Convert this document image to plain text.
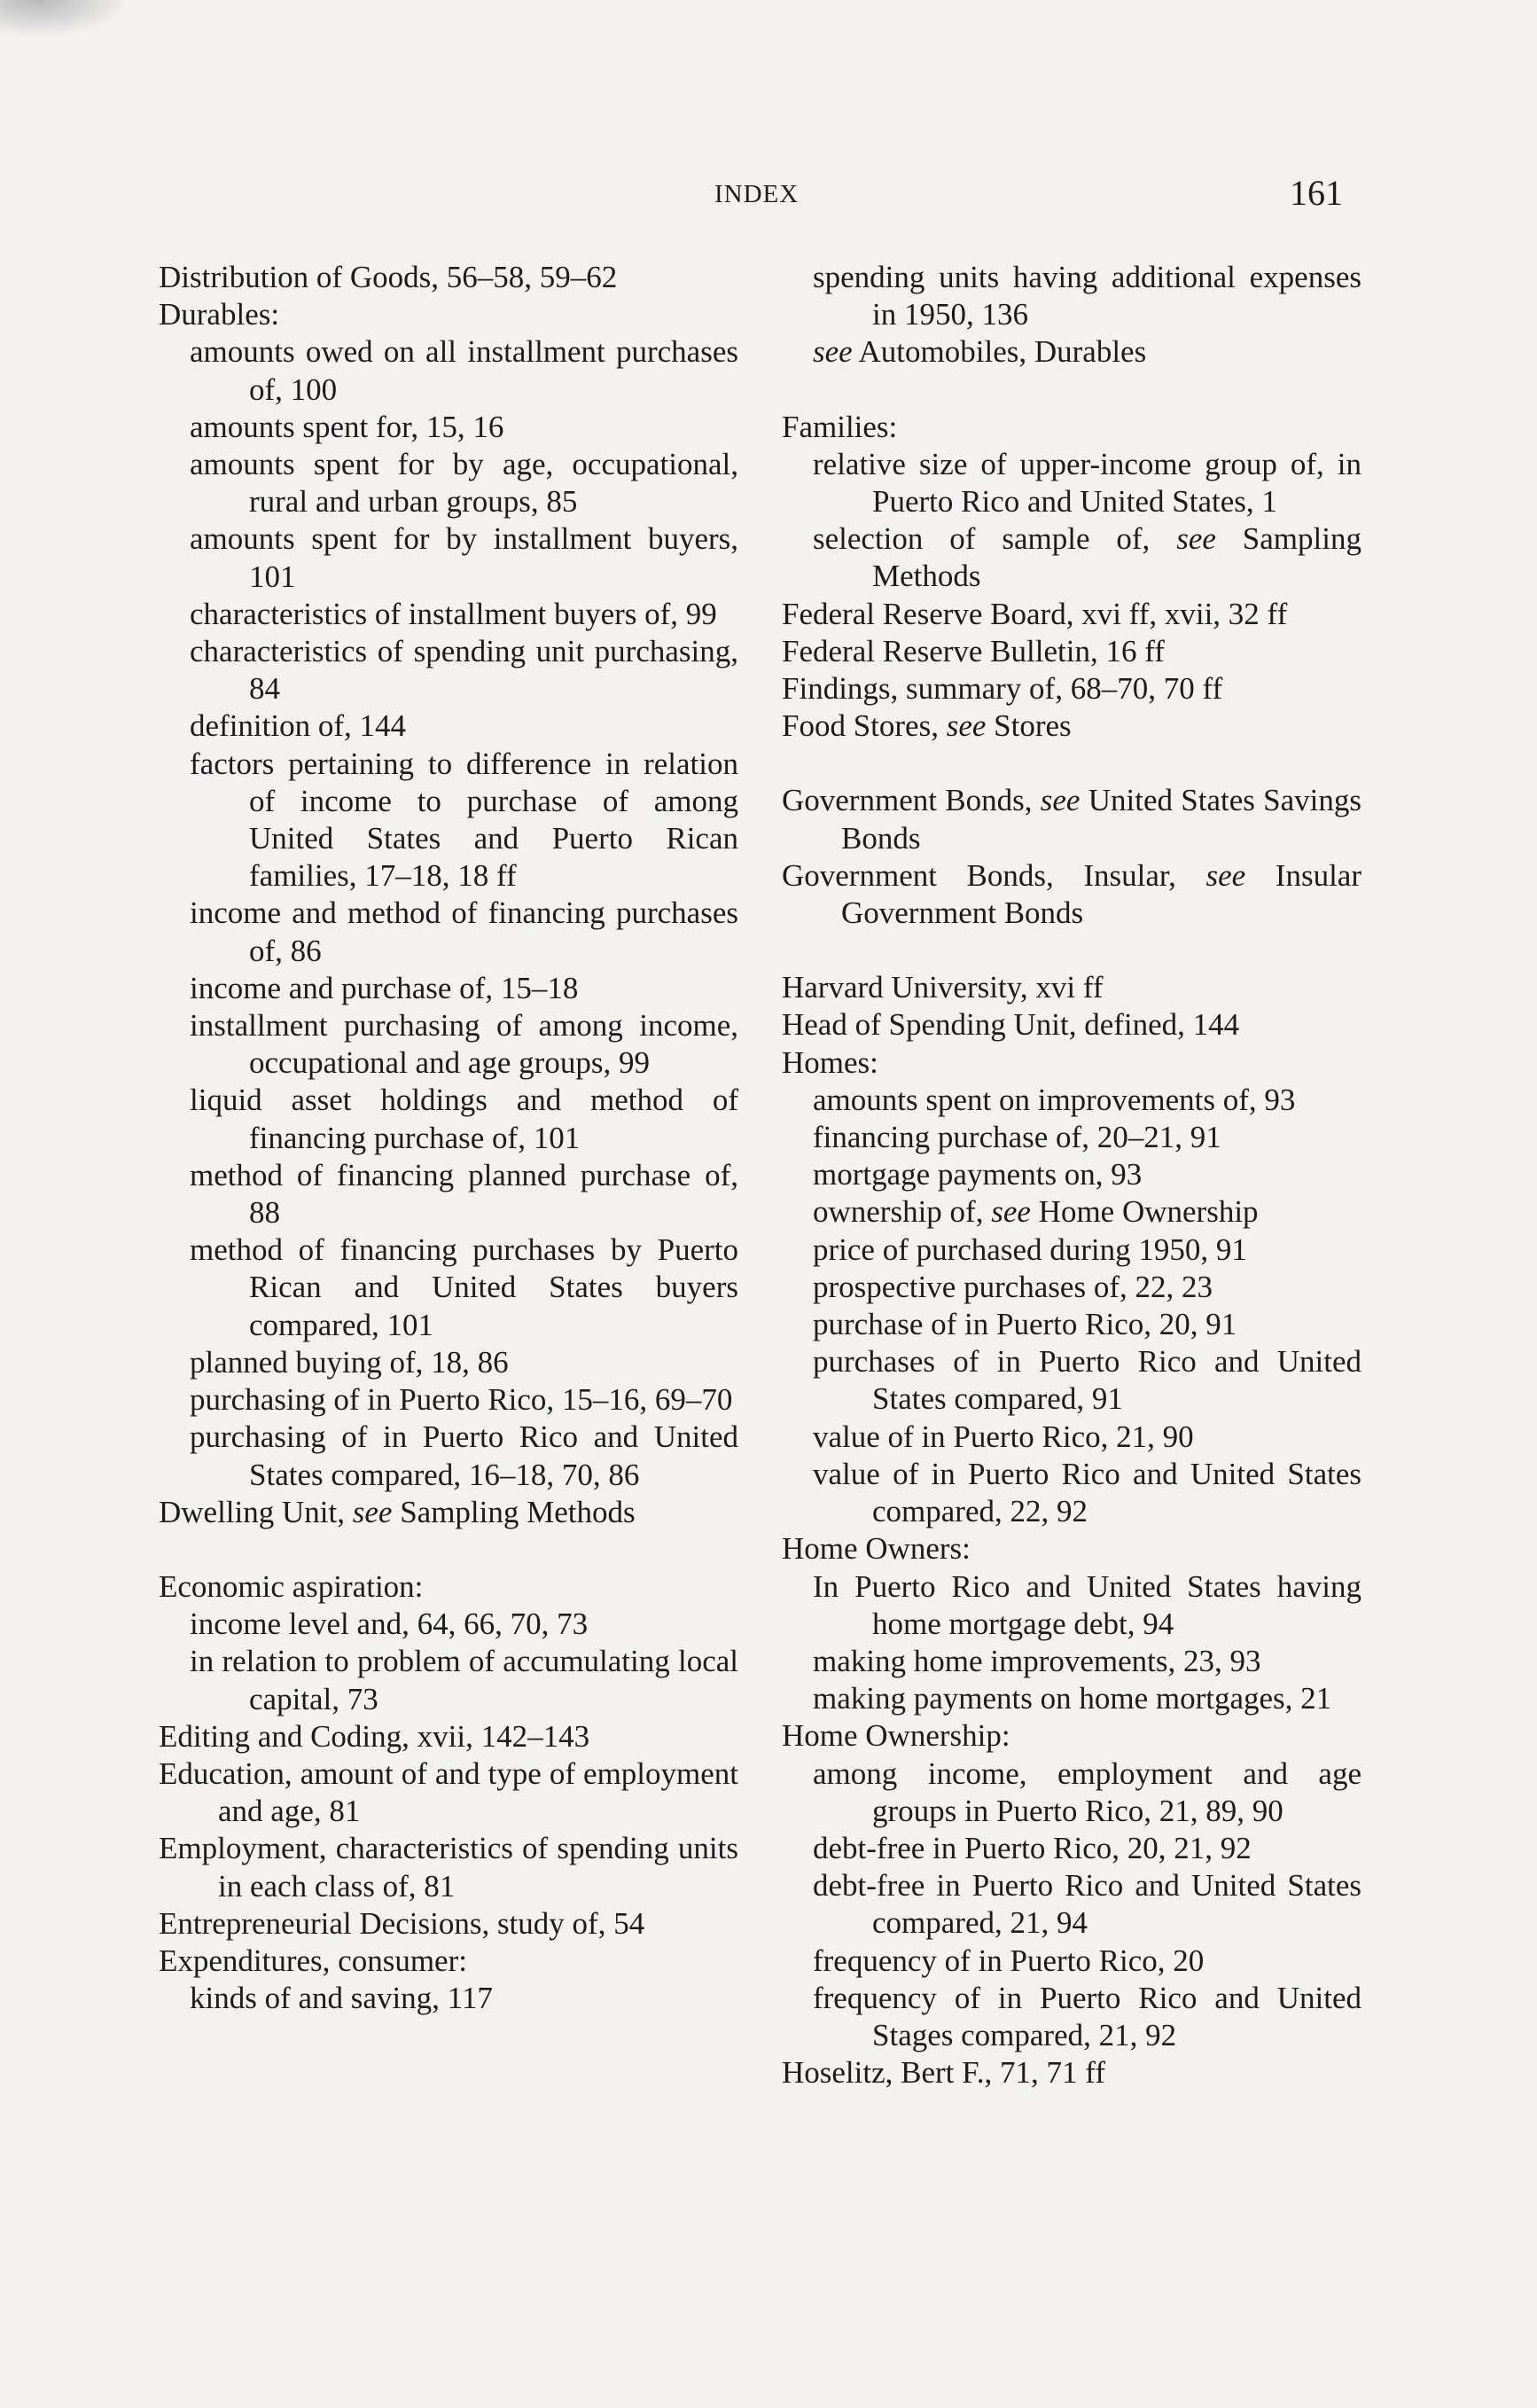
INDEX	161
Distribution of Goods, 56–58, 59–62
Durables:
amounts owed on all installment purchases of, 100
amounts spent for, 15, 16
amounts spent for by age, occupational, rural and urban groups, 85
amounts spent for by installment buyers, 101
characteristics of installment buyers of, 99
characteristics of spending unit purchasing, 84
definition of, 144
factors pertaining to difference in relation of income to purchase of among United States and Puerto Rican families, 17–18, 18 ff
income and method of financing purchases of, 86
income and purchase of, 15–18
installment purchasing of among income, occupational and age groups, 99
liquid asset holdings and method of financing purchase of, 101
method of financing planned purchase of, 88
method of financing purchases by Puerto Rican and United States buyers compared, 101
planned buying of, 18, 86
purchasing of in Puerto Rico, 15–16, 69–70
purchasing of in Puerto Rico and United States compared, 16–18, 70, 86
Dwelling Unit, see Sampling Methods
Economic aspiration:
income level and, 64, 66, 70, 73
in relation to problem of accumulating local capital, 73
Editing and Coding, xvii, 142–143
Education, amount of and type of employment and age, 81
Employment, characteristics of spending units in each class of, 81
Entrepreneurial Decisions, study of, 54
Expenditures, consumer:
kinds of and saving, 117
spending units having additional expenses in 1950, 136
see Automobiles, Durables
Families:
relative size of upper-income group of, in Puerto Rico and United States, 1
selection of sample of, see Sampling Methods
Federal Reserve Board, xvi ff, xvii, 32 ff
Federal Reserve Bulletin, 16 ff
Findings, summary of, 68–70, 70 ff
Food Stores, see Stores
Government Bonds, see United States Savings Bonds
Government Bonds, Insular, see Insular Government Bonds
Harvard University, xvi ff
Head of Spending Unit, defined, 144
Homes:
amounts spent on improvements of, 93
financing purchase of, 20–21, 91
mortgage payments on, 93
ownership of, see Home Ownership
price of purchased during 1950, 91
prospective purchases of, 22, 23
purchase of in Puerto Rico, 20, 91
purchases of in Puerto Rico and United States compared, 91
value of in Puerto Rico, 21, 90
value of in Puerto Rico and United States compared, 22, 92
Home Owners:
In Puerto Rico and United States having home mortgage debt, 94
making home improvements, 23, 93
making payments on home mortgages, 21
Home Ownership:
among income, employment and age groups in Puerto Rico, 21, 89, 90
debt-free in Puerto Rico, 20, 21, 92
debt-free in Puerto Rico and United States compared, 21, 94
frequency of in Puerto Rico, 20
frequency of in Puerto Rico and United Stages compared, 21, 92
Hoselitz, Bert F., 71, 71 ff
